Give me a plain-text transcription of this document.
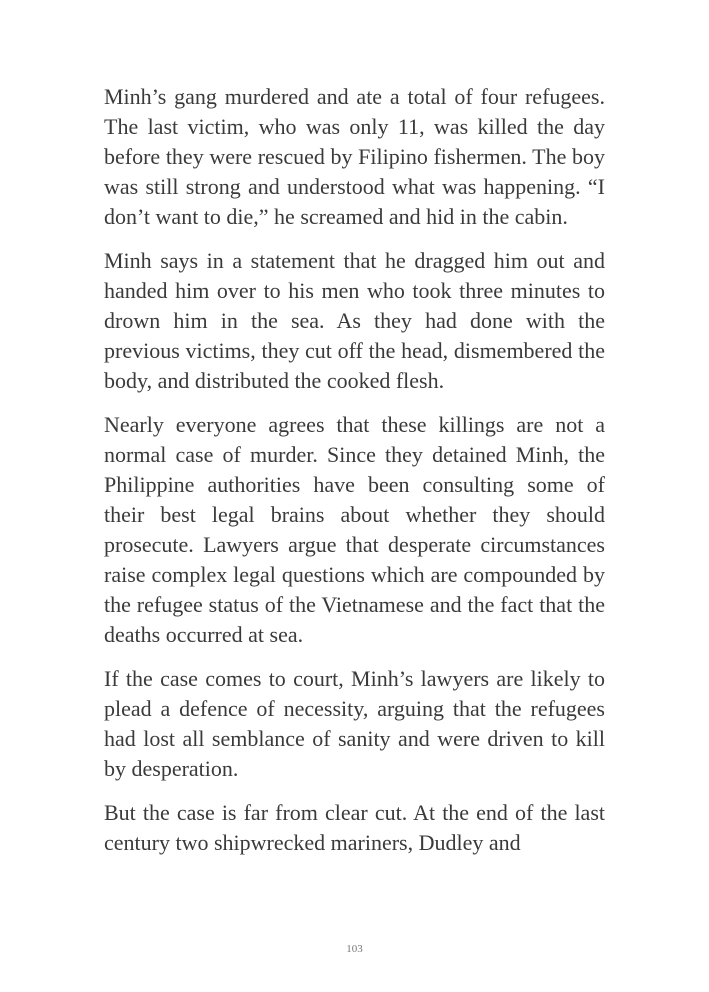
Minh’s gang murdered and ate a total of four refugees. The last victim, who was only 11, was killed the day before they were rescued by Filipino fishermen. The boy was still strong and understood what was happening. “I don’t want to die,” he screamed and hid in the cabin.

Minh says in a statement that he dragged him out and handed him over to his men who took three minutes to drown him in the sea. As they had done with the previous victims, they cut off the head, dismembered the body, and distributed the cooked flesh.

Nearly everyone agrees that these killings are not a normal case of murder. Since they detained Minh, the Philippine authorities have been consulting some of their best legal brains about whether they should prosecute. Lawyers argue that desperate circumstances raise complex legal questions which are compounded by the refugee status of the Vietnamese and the fact that the deaths occurred at sea.

If the case comes to court, Minh’s lawyers are likely to plead a defence of necessity, arguing that the refugees had lost all semblance of sanity and were driven to kill by desperation.

But the case is far from clear cut. At the end of the last century two shipwrecked mariners, Dudley and

103
